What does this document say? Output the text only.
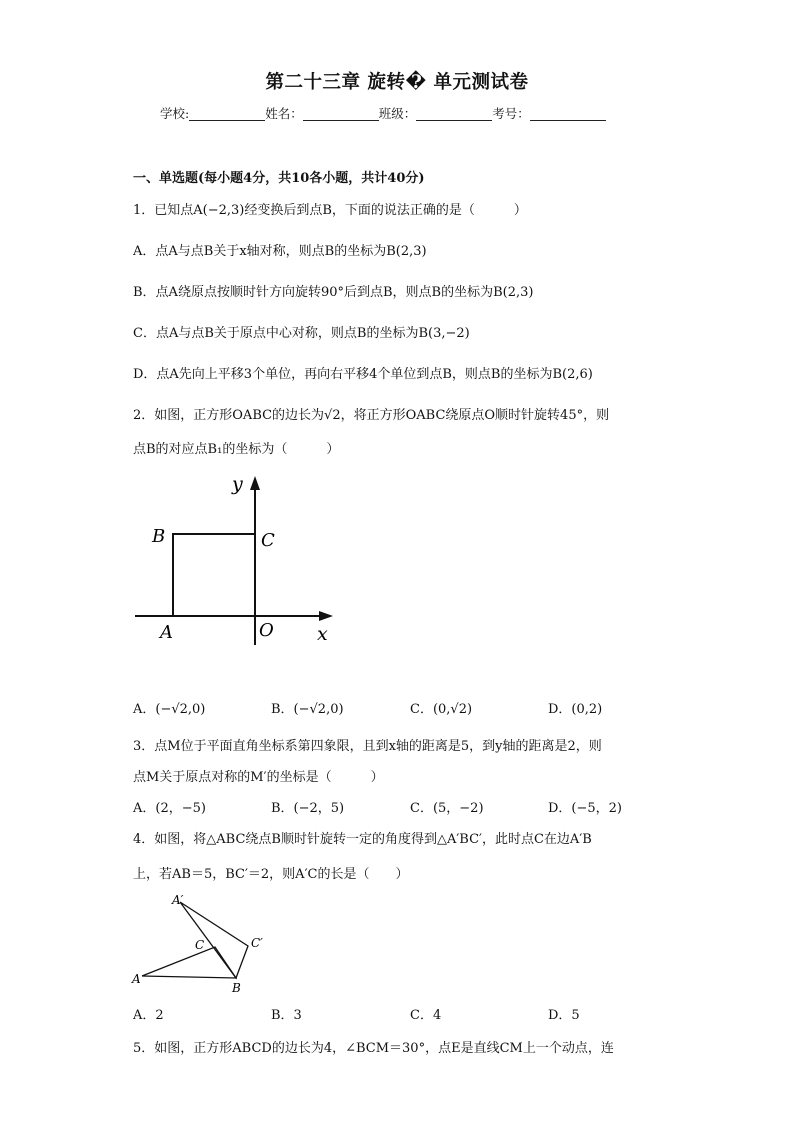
第二十三章 旋转� 单元测试卷
学校:	姓名：	班级：	考号：
一、单选题(每小题4分，共10各小题，共计40分)
1．已知点A(−2,3)经变换后到点B，下面的说法正确的是（　　　）
A．点A与点B关于x轴对称，则点B的坐标为B(2,3)
B．点A绕原点按顺时针方向旋转90°后到点B，则点B的坐标为B(2,3)
C．点A与点B关于原点中心对称，则点B的坐标为B(3,−2)
D．点A先向上平移3个单位，再向右平移4个单位到点B，则点B的坐标为B(2,6)
2．如图，正方形OABC的边长为√2，将正方形OABC绕原点O顺时针旋转45°，则
点B的对应点B₁的坐标为（　　　）
y
B	C
A	O x
A．(−√2,0)	B．(−√2,0)	C．(0,√2)	D．(0,2)
3．点M位于平面直角坐标系第四象限，且到x轴的距离是5，到y轴的距离是2，则
点M关于原点对称的M′的坐标是（　　　）
A．(2，−5)	B．(−2，5)	C．(5，−2)	D．(−5，2)
4．如图，将△ABC绕点B顺时针旋转一定的角度得到△A′BC′，此时点C在边A′B
上，若AB＝5，BC′＝2，则A′C的长是（　　）
A′
C	C′
A
B
A．2	B．3	C．4	D．5
5．如图，正方形ABCD的边长为4，∠BCM＝30°，点E是直线CM上一个动点，连
